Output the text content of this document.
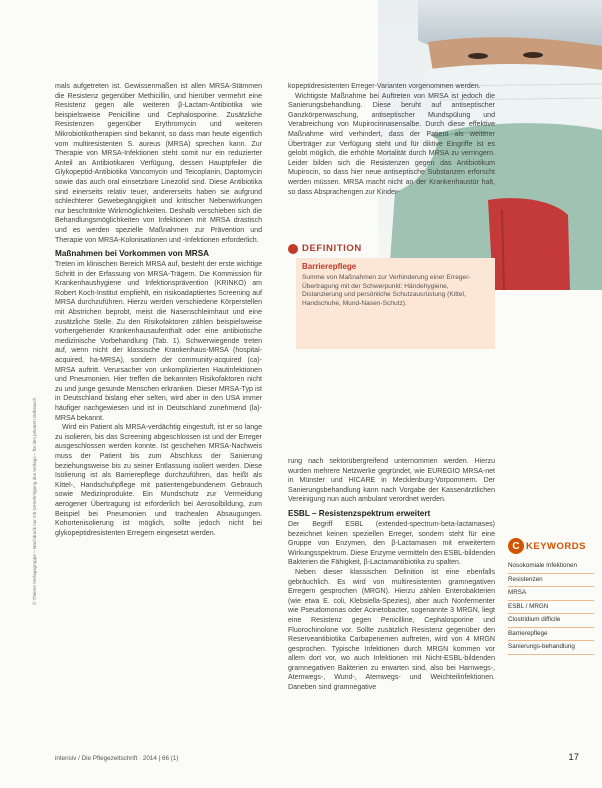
mals aufgetreten ist. Gewissenmaßen ist allen MRSA-Stämmen die Resistenz gegenüber Methicillin, und hierüber vermehrt eine Resistenz gegen alle weiteren β-Lactam-Antibiotika wie beispielsweise Penicilline und Cephalosporine. Zusätzliche Resistenzen gegenüber Erythromycin und weiteren Mikrobiotikotherapien sind bekannt, so dass man heute eigentlich vom multiresistenten S. aureus (MRSA) sprechen kann. Zur Therapie von MRSA-Infektionen steht somit nur ein reduzierter Anteil an Antibiotikaren Verfügung, dessen Hauptpfeiler die Glykopeptid-Antibiotika Vancomycin und Teicoplanin, Daptomycin sowie das auch oral einsetzbare Linezolid sind. Diese Antibiotika sind einerseits relativ teuer, andererseits haben sie aufgrund schlechterer Gewebegängigkeit und kritischer Nebenwirkungen nur beschränkte Wirkmöglichkeiten. Deshalb verschieben sich die Behandlungsmöglichkeiten von Infektionen mit MRSA drastisch und es werden spezielle Maßnahmen zur Prävention und Therapie von MRSA-Kolonisationen und -Infektionen erforderlich.

Maßnahmen bei Vorkommen von MRSA

Treten im klinischen Bereich MRSA auf, besteht der erste wichtige Schritt in der Erfassung von MRSA-Trägern. Die Kommission für Krankenhaushygiene und Infektionsprävention (KRINKO) am Robert Koch-Institut empfiehlt, ein risikoadaptiertes Screening auf MRSA durchzuführen. Hierzu werden verschiedene Körperstellen mit Abstrichen beprobt, meist die Nasenschleimhaut und eine zusätzliche Stelle. Zu den Risikofaktoren zählen beispielsweise vorhergehender Krankenhausaufenthalt oder eine antibiotische medizinische Vorbehandlung (Tab. 1). Schwerwiegende treten auf, wenn nicht der klassische Krankenhaus-MRSA (hospital-acquired, ha-MRSA), sondern der community-acquired (ca)-MRSA auftritt. Verursacher von unkomplizierten Hautinfektionen und Pneumonien. Hier treffen die bekannten Risikofaktoren nicht zu und junge gesunde Menschen erkranken. Dieser MRSA-Typ ist in Deutschland bislang eher selten, wird aber in den USA immer häufiger nachgewiesen und ist in Deutschland zunehmend (la)-MRSA bekannt.

Wird ein Patient als MRSA-verdächtig eingestuft, ist er so lange zu isolieren, bis das Screening abgeschlossen ist und der Erreger ausgeschlossen werden konnte. Ist geschehen MRSA-Nachweis muss der Patient bis zum Abschluss der Sanierung beziehungsweise bis zu seiner Entlassung isoliert werden. Diese Isolierung ist als Barrierepflege durchzuführen, das heißt als Kittel-, Handschuhpflege mit patientengebundenem Gebrauch sowie Medizinprodukte. Ein Mundschutz zur Vermeidung aerogener Übertragung ist erforderlich bei Aerosolbildung, zum Beispiel bei Pneumonien und trachealen Absaugungen. Kohortenisolierung ist möglich, sollte jedoch nicht bei glykopeptidresistenten Erregern eingesetzt werden.

kopeptidresistenten Erreger-Varianten vorgenommen werden.

Wichtigste Maßnahme bei Auftreten von MRSA ist jedoch die Sanierungsbehandlung. Diese beruht auf antiseptischer Ganzkörperwaschung, antiseptischer Mundspülung und Verabreichung von Mupirocinnasensalbe. Durch diese effektive Maßnahme wird verhindert, dass der Patient als weiterer Überträger zur Verfügung steht und für diktive Eingriffe ist es gelobt möglich, die erhöhte Mortalität durch MRSA zu verringern. Leider bilden sich die Resistenzen gegen das Antibiotikum Mupirocin, so dass hier neue antiseptische Substanzen erforscht werden müssen. MRSA macht nicht an der Krankenhaustür halt, so dass Absprachengen zur Kinder-

DEFINITION
Barrierepflege
Summe von Maßnahmen zur Verhinderung einer Erreger-Übertragung mit der Schwerpunkt: Händehygiene, Distanzierung und persönliche Schutzausrüstung (Kittel, Handschuhe, Mund-Nasen-Schutz).

rung nach sektorübergreifend unternommen werden. Hierzu wurden mehrere Netzwerke gegründet, wie EUREGIO MRSA-net in Münster und HICARE in Mecklenburg-Vorpommern. Der Sanierungsbehandlung kann nach Vorgabe der Kassenärztlichen Vereinigung nun auch ambulant verordnet werden.

ESBL – Resistenzspektrum erweitert

Der Begriff ESBL (extended-spectrum-beta-lactamases) bezeichnet keinen speziellen Erreger, sondern steht für eine Gruppe von Enzymen, den β-Lactamasen mit erweitertem Wirkungsspektrum. Diese Enzyme vermitteln den ESBL-bildenden Bakterien die Fähigkeit, β-Lactamantibiotika zu spalten.

Neben dieser klassischen Definition ist eine ebenfalls gebräuchlich. Es wird von multiresistenten gramnegativen Erregern gesprochen (MRGN). Hierzu zählen Enterobakterien (wie etwa E. coli, Klebsiella-Spezies), aber auch Nonfermenter wie Pseudomonas oder Acinetobacter, sogenannte 3 MRGN, liegt eine Resistenz gegen Penicilline, Cephalosporine und Fluorochinolone vor. Sollte zusätzlich Resistenz gegenüber den Reserveantibiotika Carbapenemen auftreten, wird von 4 MRGN gesprochen. Typische Infektionen durch MRGN kommen vor allem dort vor, wo auch Infektionen mit Nicht-ESBL-bildenden gramnegativen Bakterien zu erwarten sind, also bei Harnwegs-, Atemwegs-, Wund-, Atemwegs- und Weichteilinfektionen. Daneben sind gramnegative

C KEYWORDS
Nosokomiale Infektionen
Resistenzen
MRSA
ESBL / MRGN
Clostridium difficile
Barrierepflege
Sanierungs-behandlung
© Thieme Verlagsgruppe – Nachdruck nur mit Genehmigung des Verlags – für den privaten Gebrauch
intensiv / Die Pflegezeitschrift · 2014 | 66 (1)	17
